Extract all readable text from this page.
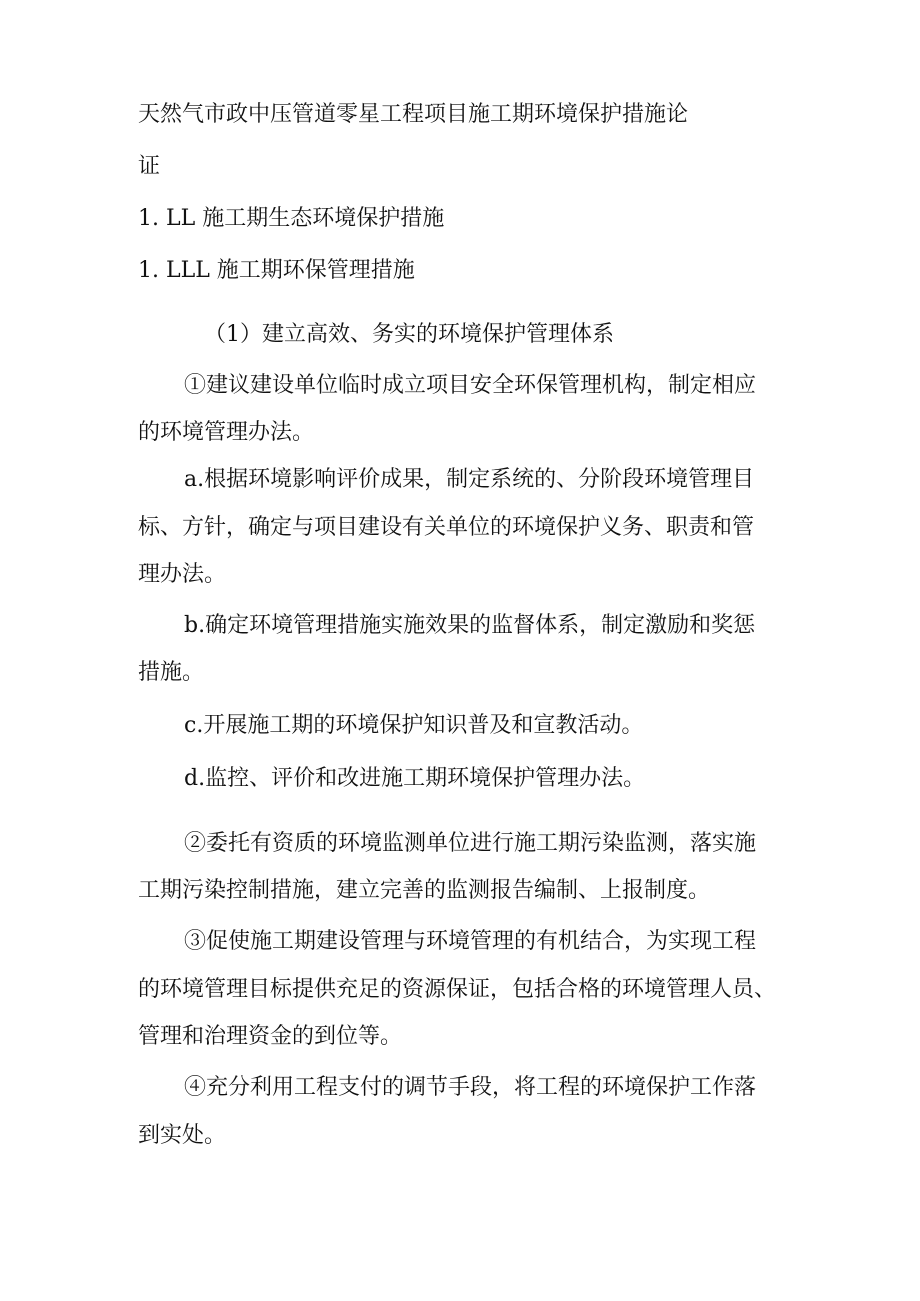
天然气市政中压管道零星工程项目施工期环境保护措施论
证
1. LL 施工期生态环境保护措施
1. LLL 施工期环保管理措施
（1）建立高效、务实的环境保护管理体系
①建议建设单位临时成立项目安全环保管理机构，制定相应
的环境管理办法。
a.根据环境影响评价成果，制定系统的、分阶段环境管理目
标、方针，确定与项目建设有关单位的环境保护义务、职责和管
理办法。
b.确定环境管理措施实施效果的监督体系，制定激励和奖惩
措施。
c.开展施工期的环境保护知识普及和宣教活动。
d.监控、评价和改进施工期环境保护管理办法。
②委托有资质的环境监测单位进行施工期污染监测，落实施
工期污染控制措施，建立完善的监测报告编制、上报制度。
③促使施工期建设管理与环境管理的有机结合，为实现工程
的环境管理目标提供充足的资源保证，包括合格的环境管理人员、
管理和治理资金的到位等。
④充分利用工程支付的调节手段，将工程的环境保护工作落
到实处。
